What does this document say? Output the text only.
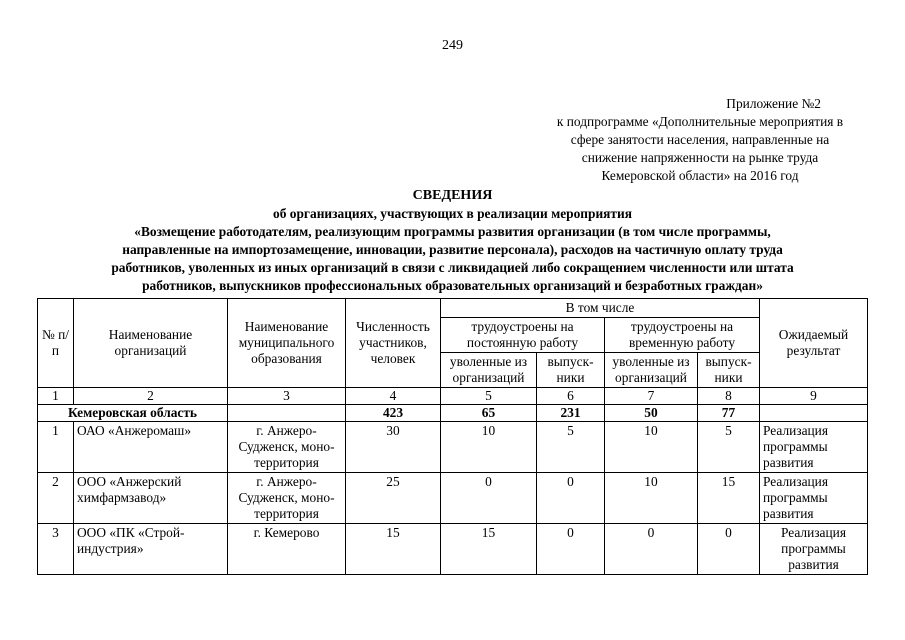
249
Приложение №2
к подпрограмме «Дополнительные мероприятия в
сфере занятости населения, направленные на
снижение напряженности на рынке труда
Кемеровской области» на 2016 год
СВЕДЕНИЯ
об организациях, участвующих в реализации мероприятия
«Возмещение работодателям, реализующим программы развития организации (в том числе программы,
направленные на импортозамещение, инновации, развитие персонала), расходов на частичную оплату труда
работников, уволенных из иных организаций в связи с ликвидацией либо сокращением численности или штата
работников, выпускников профессиональных образовательных организаций и безработных граждан»
№ п/п	Наименование организаций	Наименование муниципального образования	Численность участников, человек	В том числе				Ожидаемый результат
				трудоустроены на постоянную работу		трудоустроены на временную работу		
				уволенные из организаций	выпуск-ники	уволенные из организаций	выпуск-ники	
1	2	3	4	5	6	7	8	9
Кемеровская область			423	65	231	50	77	
1	ОАО «Анжеромаш»	г. Анжеро-Судженск, моно-территория	30	10	5	10	5	Реализация программы развития
2	ООО «Анжерский химфармзавод»	г. Анжеро-Судженск, моно-территория	25	0	0	10	15	Реализация программы развития
3	ООО «ПК «Строй-индустрия»	г. Кемерово	15	15	0	0	0	Реализация программы развития
